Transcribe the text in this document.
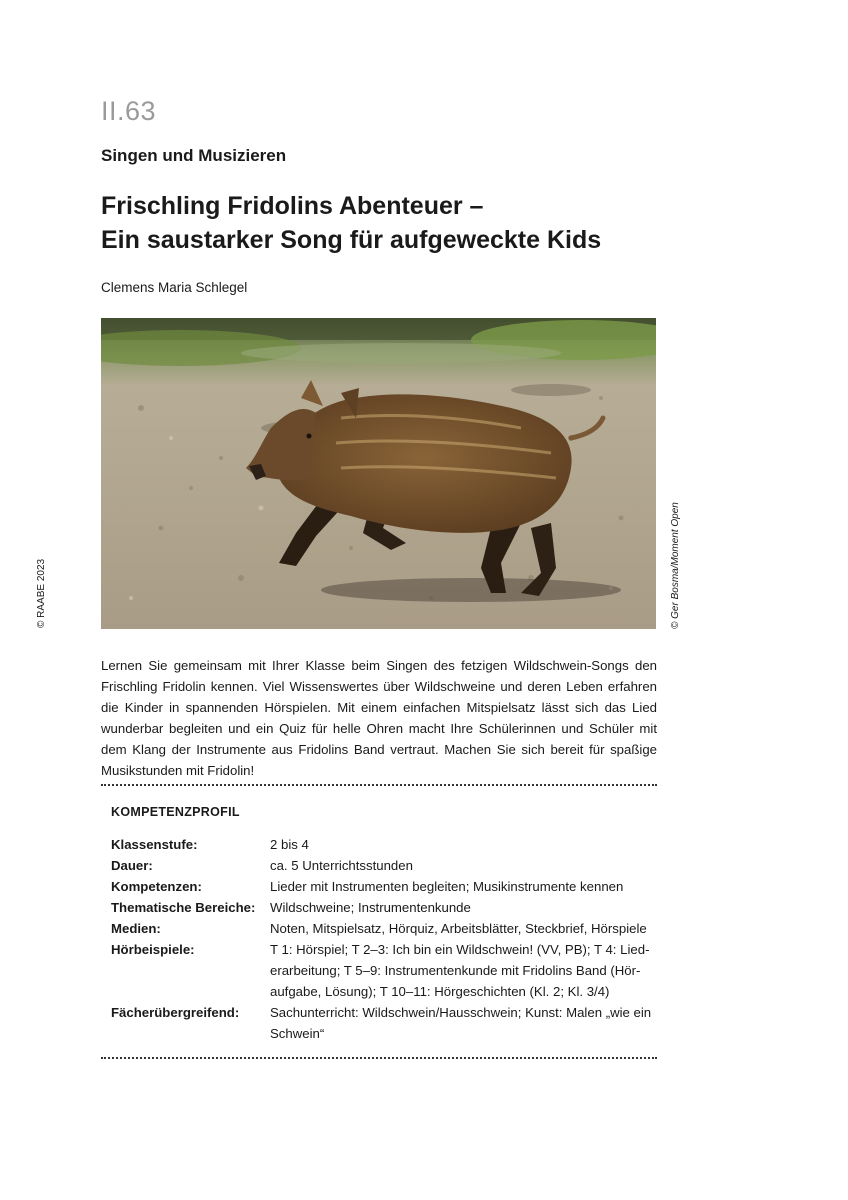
II.63
Singen und Musizieren
Frischling Fridolins Abenteuer –
Ein saustarker Song für aufgeweckte Kids
Clemens Maria Schlegel
© Ger Bosma/Moment Open
© RAABE 2023

Lernen Sie gemeinsam mit Ihrer Klasse beim Singen des fetzigen Wildschwein-Songs den Frischling Fridolin kennen. Viel Wissenswertes über Wildschweine und deren Leben erfahren die Kinder in spannenden Hörspielen. Mit einem einfachen Mitspielsatz lässt sich das Lied wunderbar begleiten und ein Quiz für helle Ohren macht Ihre Schülerinnen und Schüler mit dem Klang der Instrumente aus Fridolins Band vertraut. Machen Sie sich bereit für spaßige Musikstunden mit Fridolin!

KOMPETENZPROFIL
Klassenstufe:	2 bis 4
Dauer:	ca. 5 Unterrichtsstunden
Kompetenzen:	Lieder mit Instrumenten begleiten; Musikinstrumente kennen
Thematische Bereiche:	Wildschweine; Instrumentenkunde
Medien:	Noten, Mitspielsatz, Hörquiz, Arbeitsblätter, Steckbrief, Hörspiele
Hörbeispiele:	T 1: Hörspiel; T 2–3: Ich bin ein Wildschwein! (VV, PB); T 4: Liederarbeitung; T 5–9: Instrumentenkunde mit Fridolins Band (Höraufgabe, Lösung); T 10–11: Hörgeschichten (Kl. 2; Kl. 3/4)
Fächerübergreifend:	Sachunterricht: Wildschwein/Hausschwein; Kunst: Malen „wie ein Schwein“
